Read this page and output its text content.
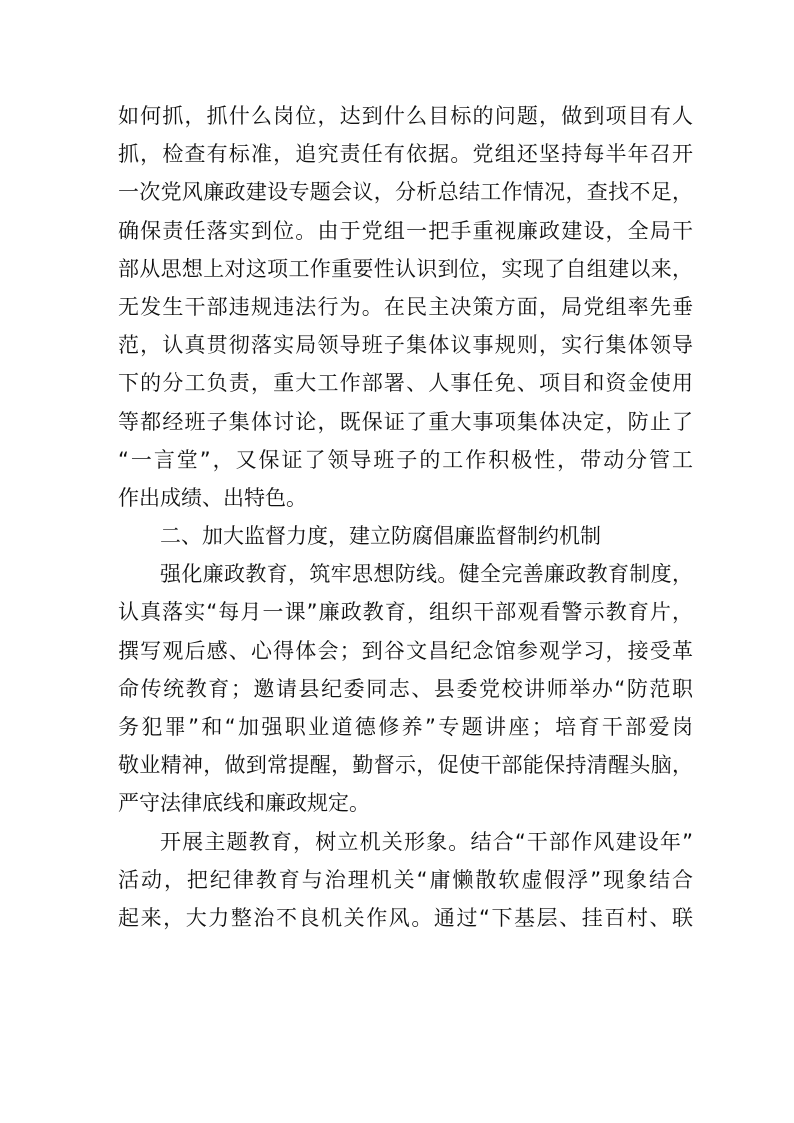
如何抓，抓什么岗位，达到什么目标的问题，做到项目有人
抓，检查有标准，追究责任有依据。党组还坚持每半年召开
一次党风廉政建设专题会议，分析总结工作情况，查找不足，
确保责任落实到位。由于党组一把手重视廉政建设，全局干
部从思想上对这项工作重要性认识到位，实现了自组建以来，
无发生干部违规违法行为。在民主决策方面，局党组率先垂
范，认真贯彻落实局领导班子集体议事规则，实行集体领导
下的分工负责，重大工作部署、人事任免、项目和资金使用
等都经班子集体讨论，既保证了重大事项集体决定，防止了
“一言堂”，又保证了领导班子的工作积极性，带动分管工
作出成绩、出特色。
二、加大监督力度，建立防腐倡廉监督制约机制
强化廉政教育，筑牢思想防线。健全完善廉政教育制度，
认真落实“每月一课”廉政教育，组织干部观看警示教育片，
撰写观后感、心得体会；到谷文昌纪念馆参观学习，接受革
命传统教育；邀请县纪委同志、县委党校讲师举办“防范职
务犯罪”和“加强职业道德修养”专题讲座；培育干部爱岗
敬业精神，做到常提醒，勤督示，促使干部能保持清醒头脑，
严守法律底线和廉政规定。
开展主题教育，树立机关形象。结合“干部作风建设年”
活动，把纪律教育与治理机关“庸懒散软虚假浮”现象结合
起来，大力整治不良机关作风。通过“下基层、挂百村、联
